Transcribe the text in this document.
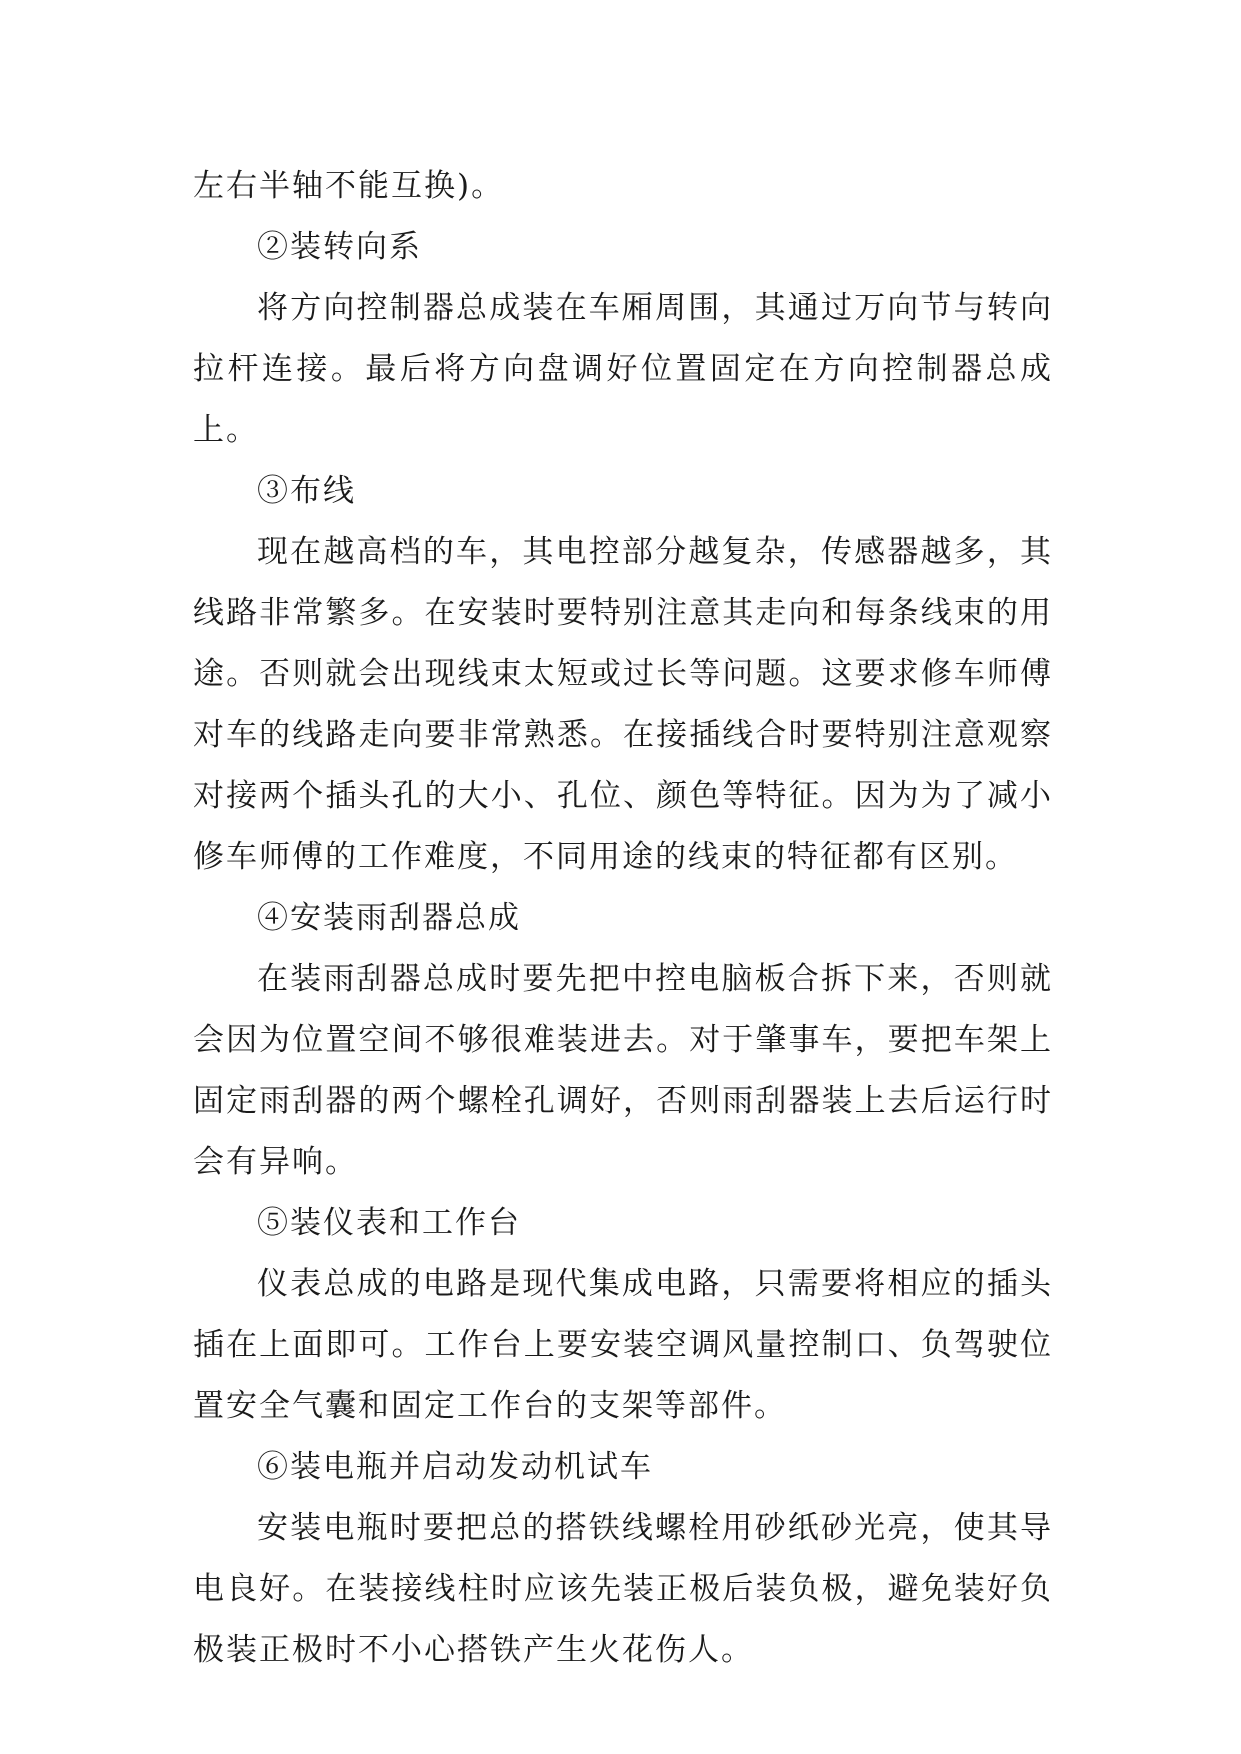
左右半轴不能互换)。

②装转向系

将方向控制器总成装在车厢周围，其通过万向节与转向拉杆连接。最后将方向盘调好位置固定在方向控制器总成上。

③布线

现在越高档的车，其电控部分越复杂，传感器越多，其线路非常繁多。在安装时要特别注意其走向和每条线束的用途。否则就会出现线束太短或过长等问题。这要求修车师傅对车的线路走向要非常熟悉。在接插线合时要特别注意观察对接两个插头孔的大小、孔位、颜色等特征。因为为了减小修车师傅的工作难度，不同用途的线束的特征都有区别。

④安装雨刮器总成

在装雨刮器总成时要先把中控电脑板合拆下来，否则就会因为位置空间不够很难装进去。对于肇事车，要把车架上固定雨刮器的两个螺栓孔调好，否则雨刮器装上去后运行时会有异响。

⑤装仪表和工作台

仪表总成的电路是现代集成电路，只需要将相应的插头插在上面即可。工作台上要安装空调风量控制口、负驾驶位置安全气囊和固定工作台的支架等部件。

⑥装电瓶并启动发动机试车

安装电瓶时要把总的搭铁线螺栓用砂纸砂光亮，使其导电良好。在装接线柱时应该先装正极后装负极，避免装好负极装正极时不小心搭铁产生火花伤人。
